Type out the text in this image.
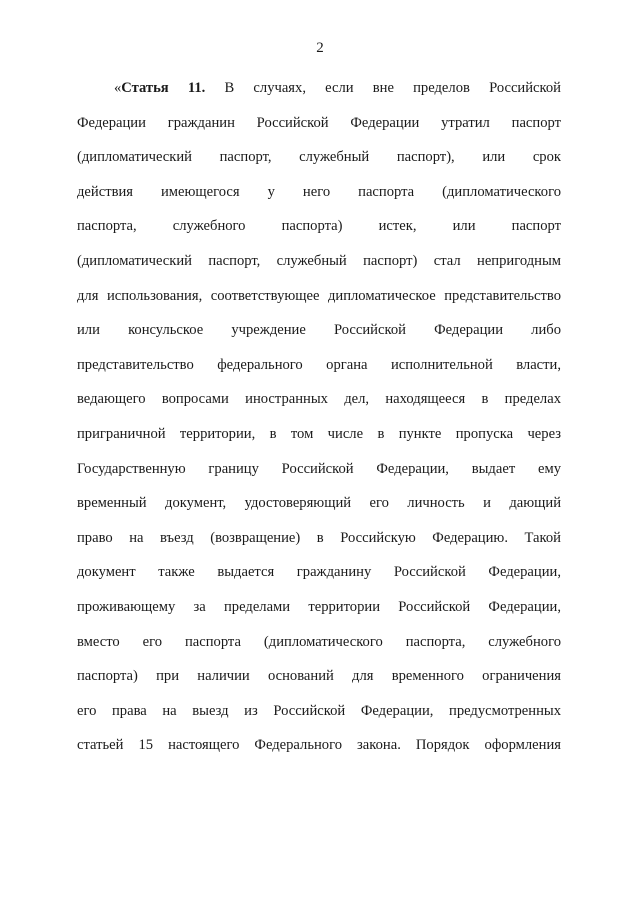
2
«Статья 11. В случаях, если вне пределов Российской
Федерации гражданин Российской Федерации утратил паспорт
(дипломатический паспорт, служебный паспорт), или срок
действия имеющегося у него паспорта (дипломатического
паспорта, служебного паспорта) истек, или паспорт
(дипломатический паспорт, служебный паспорт) стал непригодным
для использования, соответствующее дипломатическое представительство
или консульское учреждение Российской Федерации либо
представительство федерального органа исполнительной власти,
ведающего вопросами иностранных дел, находящееся в пределах
приграничной территории, в том числе в пункте пропуска через
Государственную границу Российской Федерации, выдает ему
временный документ, удостоверяющий его личность и дающий
право на въезд (возвращение) в Российскую Федерацию. Такой
документ также выдается гражданину Российской Федерации,
проживающему за пределами территории Российской Федерации,
вместо его паспорта (дипломатического паспорта, служебного
паспорта) при наличии оснований для временного ограничения
его права на выезд из Российской Федерации, предусмотренных
статьей 15 настоящего Федерального закона. Порядок оформления
